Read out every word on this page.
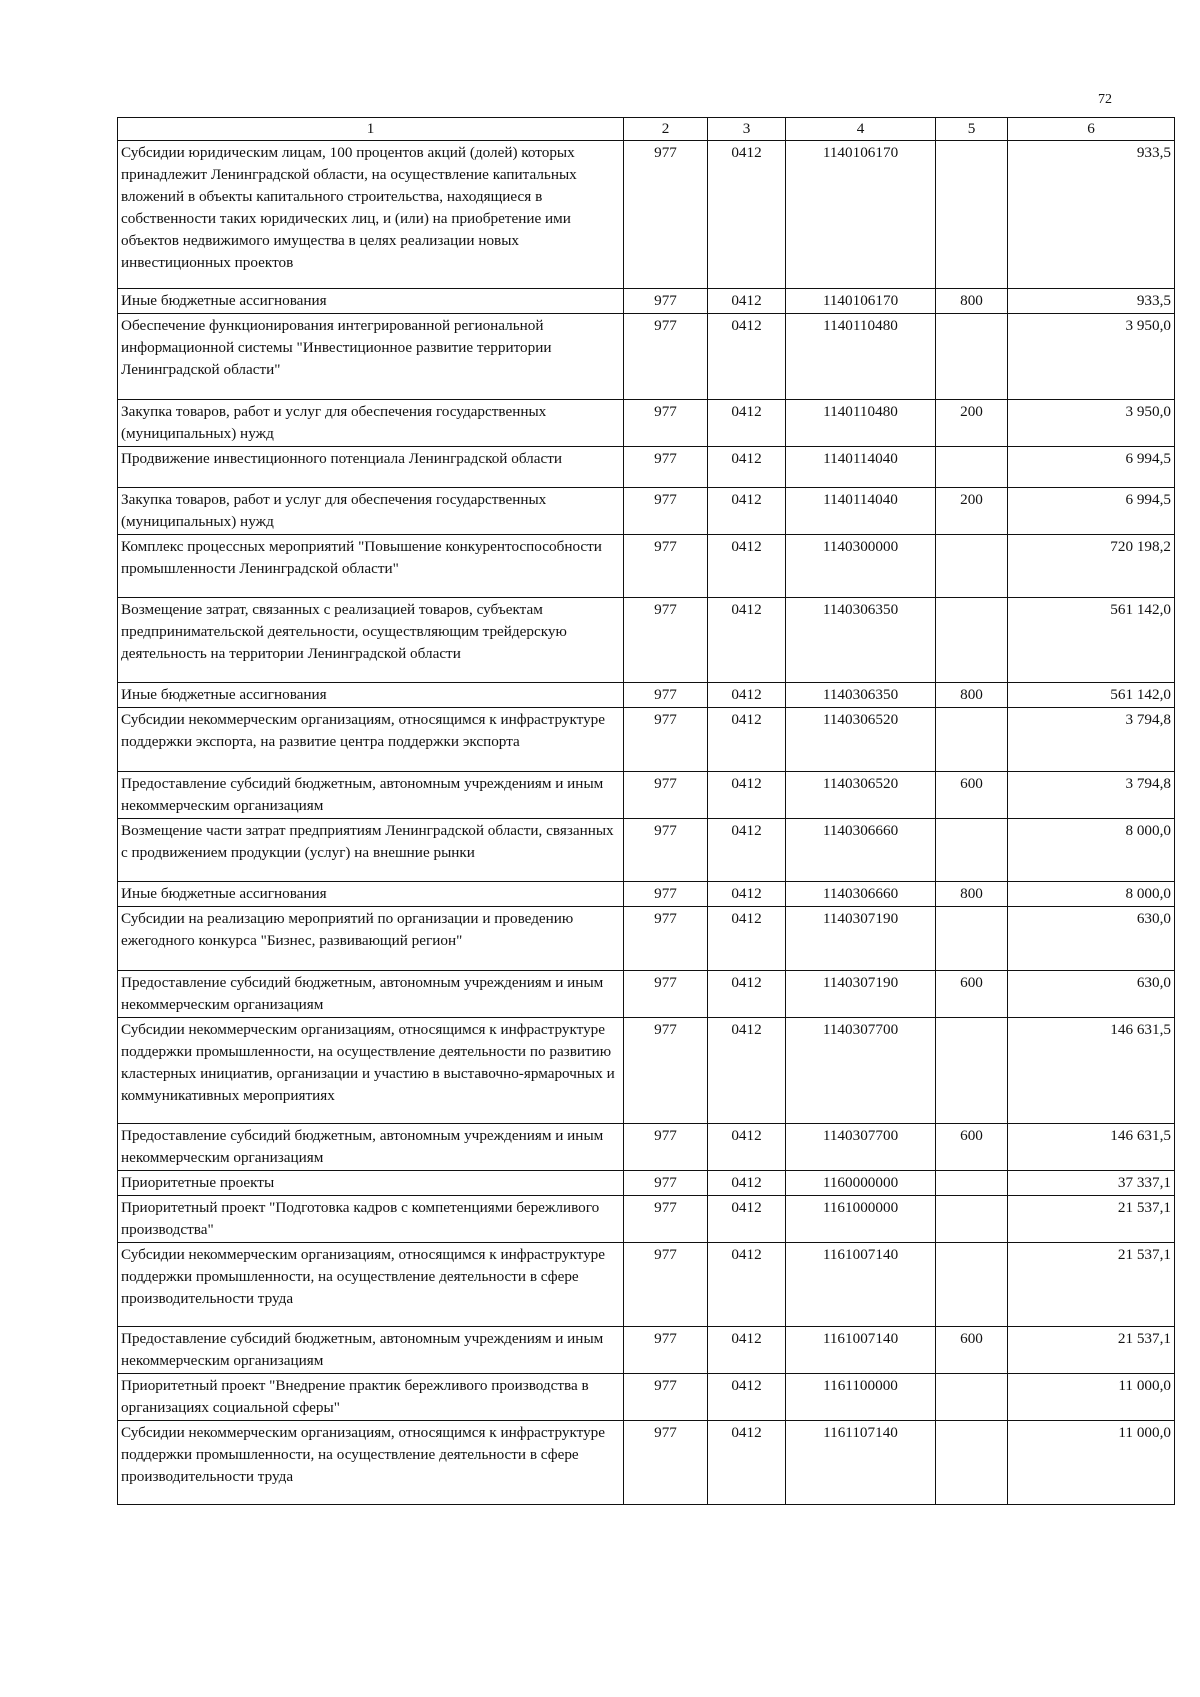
72
1	2	3	4	5	6
Субсидии юридическим лицам, 100 процентов акций (долей) которых принадлежит Ленинградской области, на осуществление капитальных вложений в объекты капитального строительства, находящиеся в собственности таких юридических лиц, и (или) на приобретение ими объектов недвижимого имущества в целях реализации новых инвестиционных проектов	977	0412	1140106170		933,5
Иные бюджетные ассигнования	977	0412	1140106170	800	933,5
Обеспечение функционирования интегрированной региональной информационной системы "Инвестиционное развитие территории Ленинградской области"	977	0412	1140110480		3 950,0
Закупка товаров, работ и услуг для обеспечения государственных (муниципальных) нужд	977	0412	1140110480	200	3 950,0
Продвижение инвестиционного потенциала Ленинградской области	977	0412	1140114040		6 994,5
Закупка товаров, работ и услуг для обеспечения государственных (муниципальных) нужд	977	0412	1140114040	200	6 994,5
Комплекс процессных мероприятий "Повышение конкурентоспособности промышленности Ленинградской области"	977	0412	1140300000		720 198,2
Возмещение затрат, связанных с реализацией товаров, субъектам предпринимательской деятельности, осуществляющим трейдерскую деятельность на территории Ленинградской области	977	0412	1140306350		561 142,0
Иные бюджетные ассигнования	977	0412	1140306350	800	561 142,0
Субсидии некоммерческим организациям, относящимся к инфраструктуре поддержки экспорта, на развитие центра поддержки экспорта	977	0412	1140306520		3 794,8
Предоставление субсидий бюджетным, автономным учреждениям и иным некоммерческим организациям	977	0412	1140306520	600	3 794,8
Возмещение части затрат предприятиям Ленинградской области, связанных с продвижением продукции (услуг) на внешние рынки	977	0412	1140306660		8 000,0
Иные бюджетные ассигнования	977	0412	1140306660	800	8 000,0
Субсидии на реализацию мероприятий по организации и проведению ежегодного конкурса "Бизнес, развивающий регион"	977	0412	1140307190		630,0
Предоставление субсидий бюджетным, автономным учреждениям и иным некоммерческим организациям	977	0412	1140307190	600	630,0
Субсидии некоммерческим организациям, относящимся к инфраструктуре поддержки промышленности, на осуществление деятельности по развитию кластерных инициатив, организации и участию в выставочно-ярмарочных и коммуникативных мероприятиях	977	0412	1140307700		146 631,5
Предоставление субсидий бюджетным, автономным учреждениям и иным некоммерческим организациям	977	0412	1140307700	600	146 631,5
Приоритетные проекты	977	0412	1160000000		37 337,1
Приоритетный проект "Подготовка кадров с компетенциями бережливого производства"	977	0412	1161000000		21 537,1
Субсидии некоммерческим организациям, относящимся к инфраструктуре поддержки промышленности, на осуществление деятельности в сфере производительности труда	977	0412	1161007140		21 537,1
Предоставление субсидий бюджетным, автономным учреждениям и иным некоммерческим организациям	977	0412	1161007140	600	21 537,1
Приоритетный проект "Внедрение практик бережливого производства в организациях социальной сферы"	977	0412	1161100000		11 000,0
Субсидии некоммерческим организациям, относящимся к инфраструктуре поддержки промышленности, на осуществление деятельности в сфере производительности труда	977	0412	1161107140		11 000,0
